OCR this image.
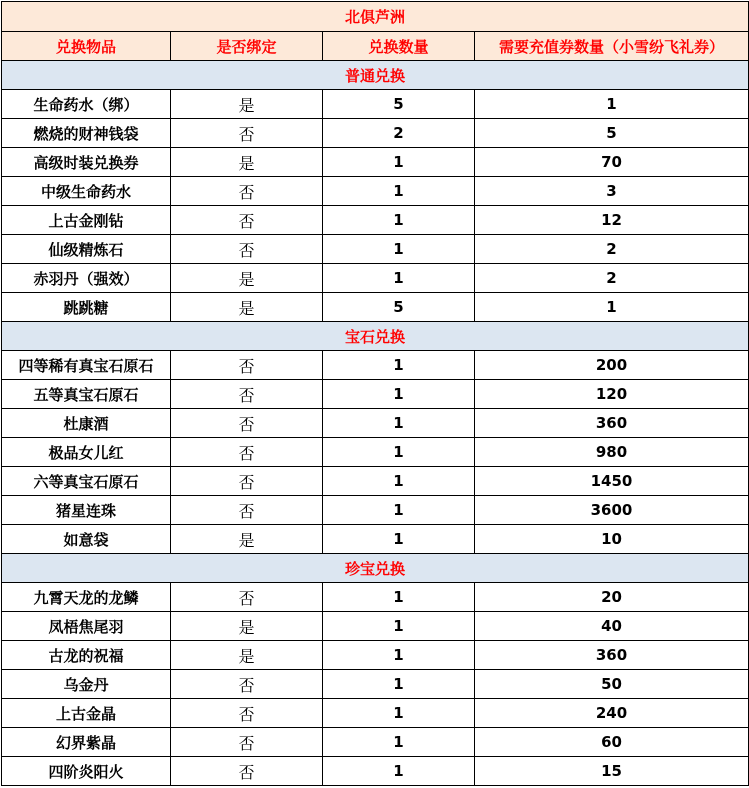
北俱芦洲			
兑换物品	是否绑定	兑换数量	需要充值券数量（小雪纷飞礼券）
普通兑换			
生命药水（绑）	是	5	1
燃烧的财神钱袋	否	2	5
高级时装兑换券	是	1	70
中级生命药水	否	1	3
上古金刚钻	否	1	12
仙级精炼石	否	1	2
赤羽丹（强效）	是	1	2
跳跳糖	是	5	1
宝石兑换			
四等稀有真宝石原石	否	1	200
五等真宝石原石	否	1	120
杜康酒	否	1	360
极品女儿红	否	1	980
六等真宝石原石	否	1	1450
猪星连珠	否	1	3600
如意袋	是	1	10
珍宝兑换			
九霄天龙的龙鳞	否	1	20
凤梧焦尾羽	是	1	40
古龙的祝福	是	1	360
乌金丹	否	1	50
上古金晶	否	1	240
幻界紫晶	否	1	60
四阶炎阳火	否	1	15
